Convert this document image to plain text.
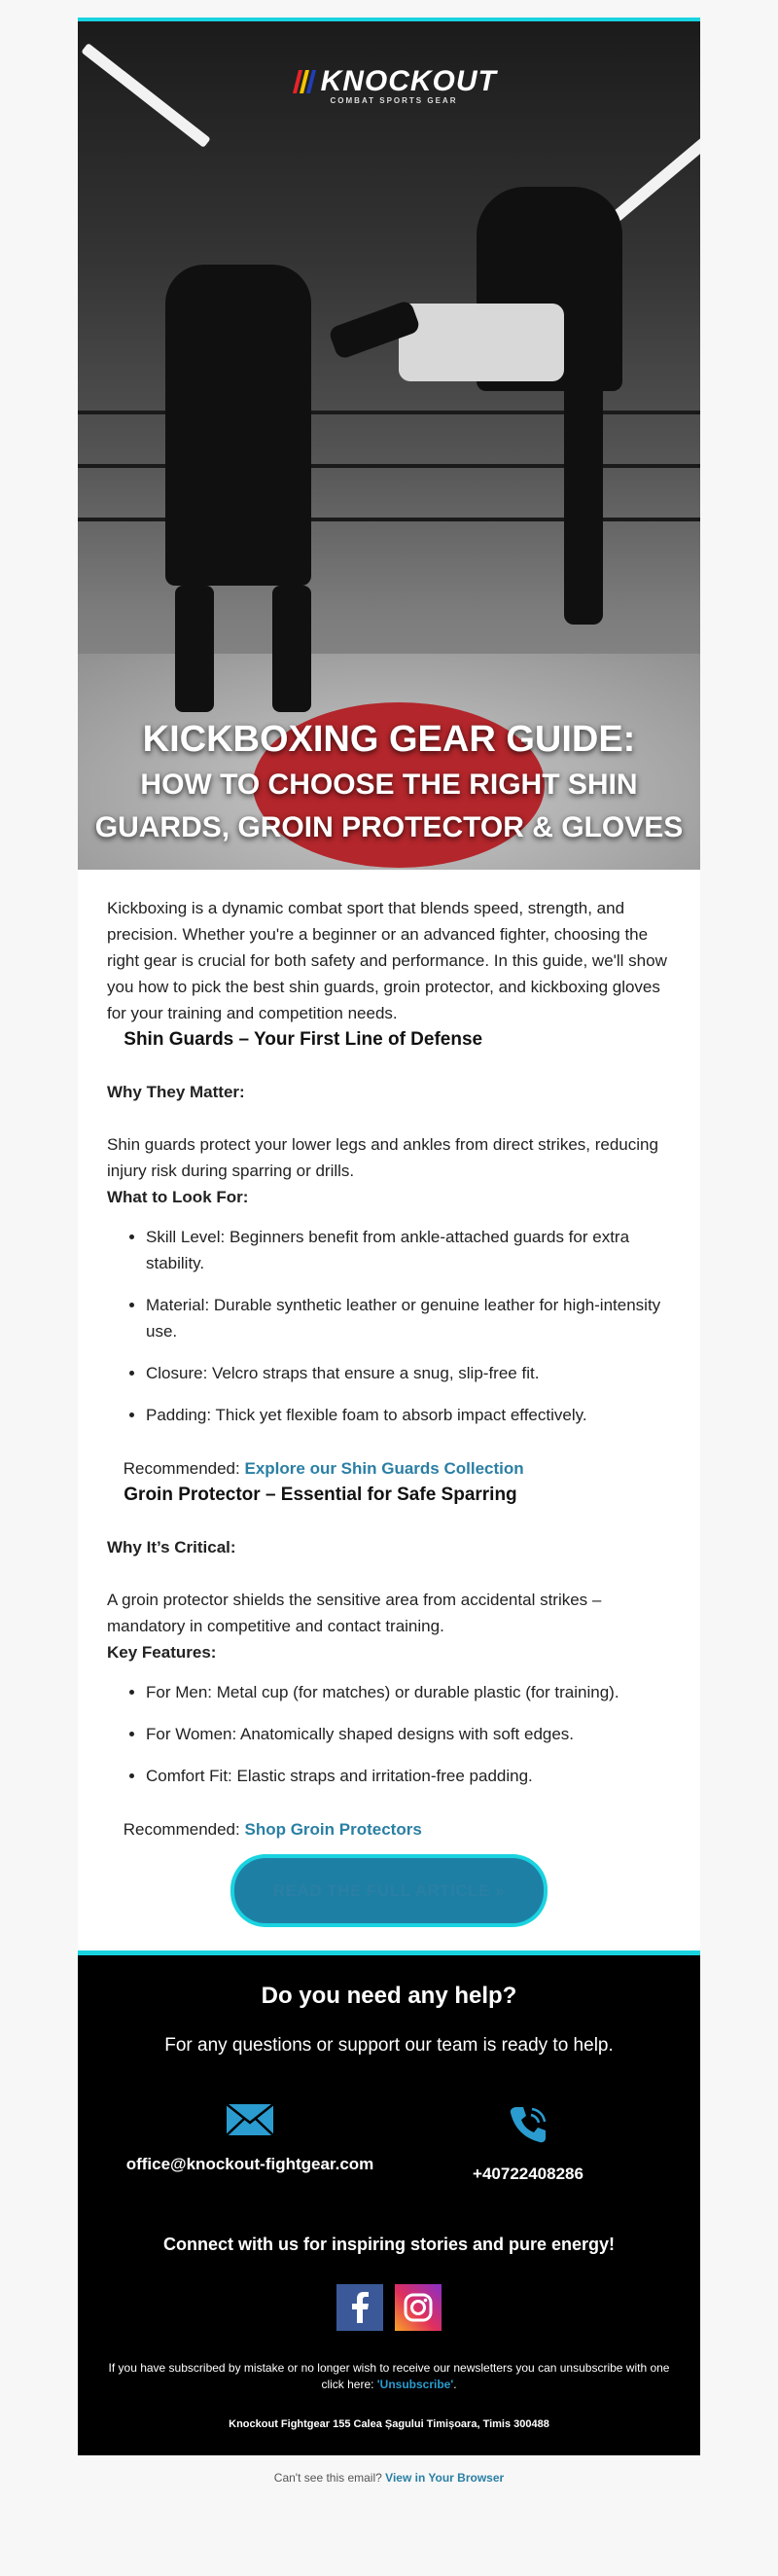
KNOCKOUT
COMBAT SPORTS GEAR
KICKBOXING GEAR GUIDE:
HOW TO CHOOSE THE RIGHT SHIN
GUARDS, GROIN PROTECTOR & GLOVES

Kickboxing is a dynamic combat sport that blends speed, strength, and precision. Whether you're a beginner or an advanced fighter, choosing the right gear is crucial for both safety and performance. In this guide, we'll show you how to pick the best shin guards, groin protector, and kickboxing gloves for your training and competition needs.

Shin Guards – Your First Line of Defense
Why They Matter:

Shin guards protect your lower legs and ankles from direct strikes, reducing injury risk during sparring or drills.

What to Look For:
• Skill Level: Beginners benefit from ankle-attached guards for extra stability.
• Material: Durable synthetic leather or genuine leather for high-intensity use.
• Closure: Velcro straps that ensure a snug, slip-free fit.
• Padding: Thick yet flexible foam to absorb impact effectively.

Recommended: Explore our Shin Guards Collection

Groin Protector – Essential for Safe Sparring
Why It’s Critical:

A groin protector shields the sensitive area from accidental strikes – mandatory in competitive and contact training.

Key Features:
• For Men: Metal cup (for matches) or durable plastic (for training).
• For Women: Anatomically shaped designs with soft edges.
• Comfort Fit: Elastic straps and irritation-free padding.

Recommended: Shop Groin Protectors

READ THE FULL ARTICLE »
Do you need any help?
For any questions or support our team is ready to help.
office@knockout-fightgear.com
+40722408286
Connect with us for inspiring stories and pure energy!

If you have subscribed by mistake or no longer wish to receive our newsletters you can unsubscribe with one click here: 'Unsubscribe'.
Knockout Fightgear 155 Calea Șagului Timișoara, Timis 300488
Can't see this email? View in Your Browser
